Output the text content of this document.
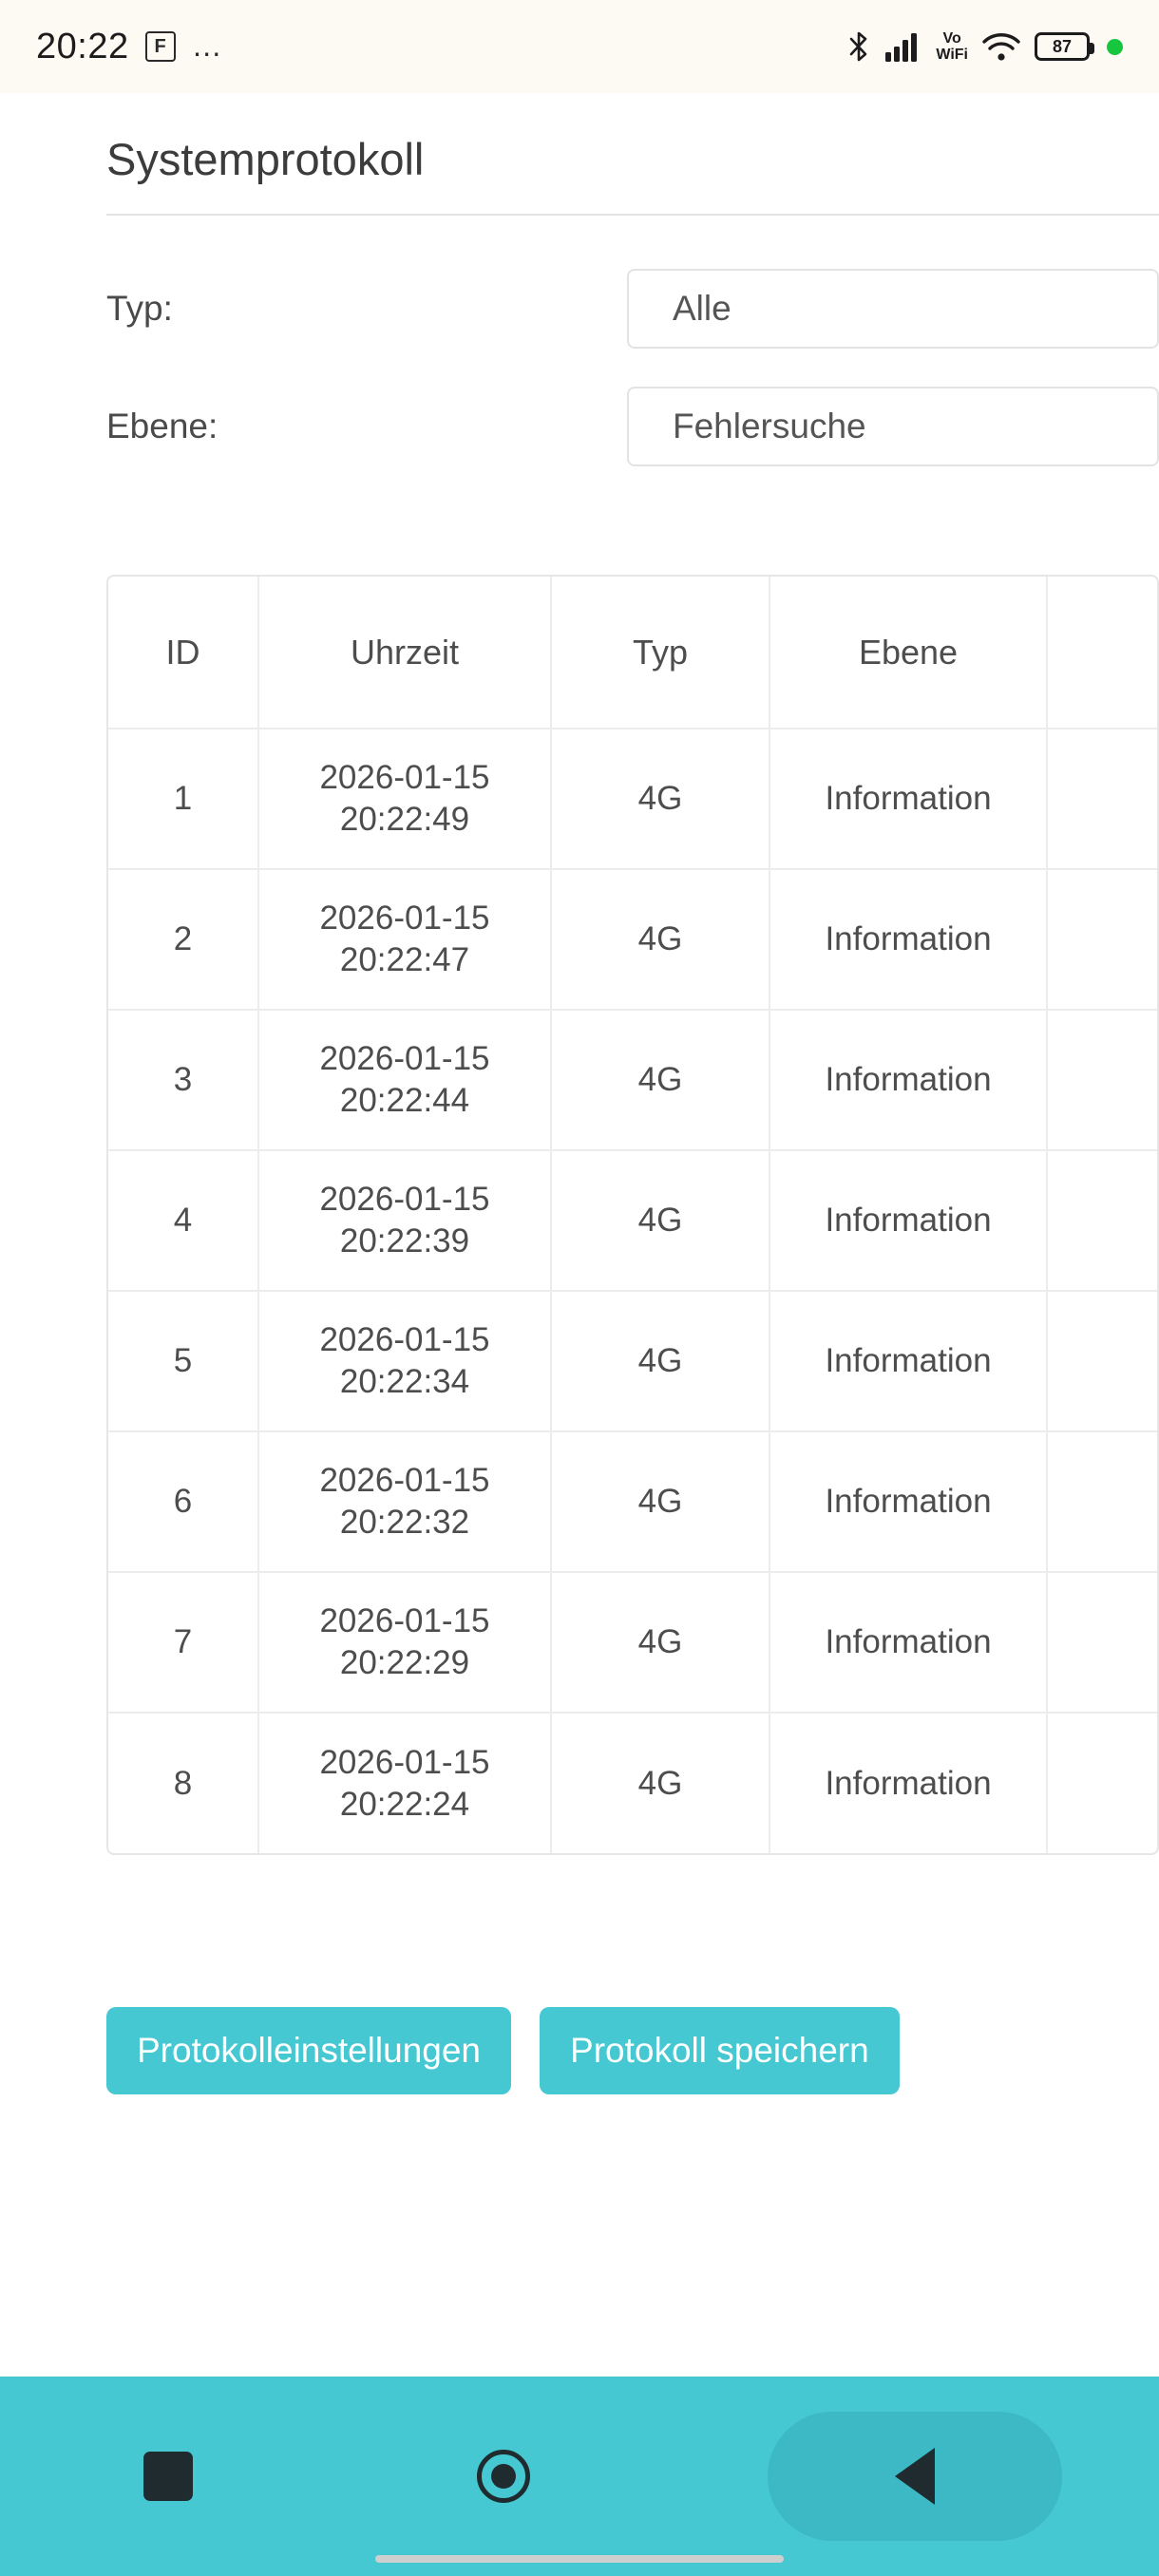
20:22	F …	Vo
WiFi	87
Systemprotokoll
Typ:	Alle
Ebene:	Fehlersuche
ID	Uhrzeit	Typ	Ebene	
1	2026-01-15 20:22:49	4G	Information	
2	2026-01-15 20:22:47	4G	Information	
3	2026-01-15 20:22:44	4G	Information	
4	2026-01-15 20:22:39	4G	Information	
5	2026-01-15 20:22:34	4G	Information	
6	2026-01-15 20:22:32	4G	Information	
7	2026-01-15 20:22:29	4G	Information	
8	2026-01-15 20:22:24	4G	Information	
Protokolleinstellungen	Protokoll speichern
